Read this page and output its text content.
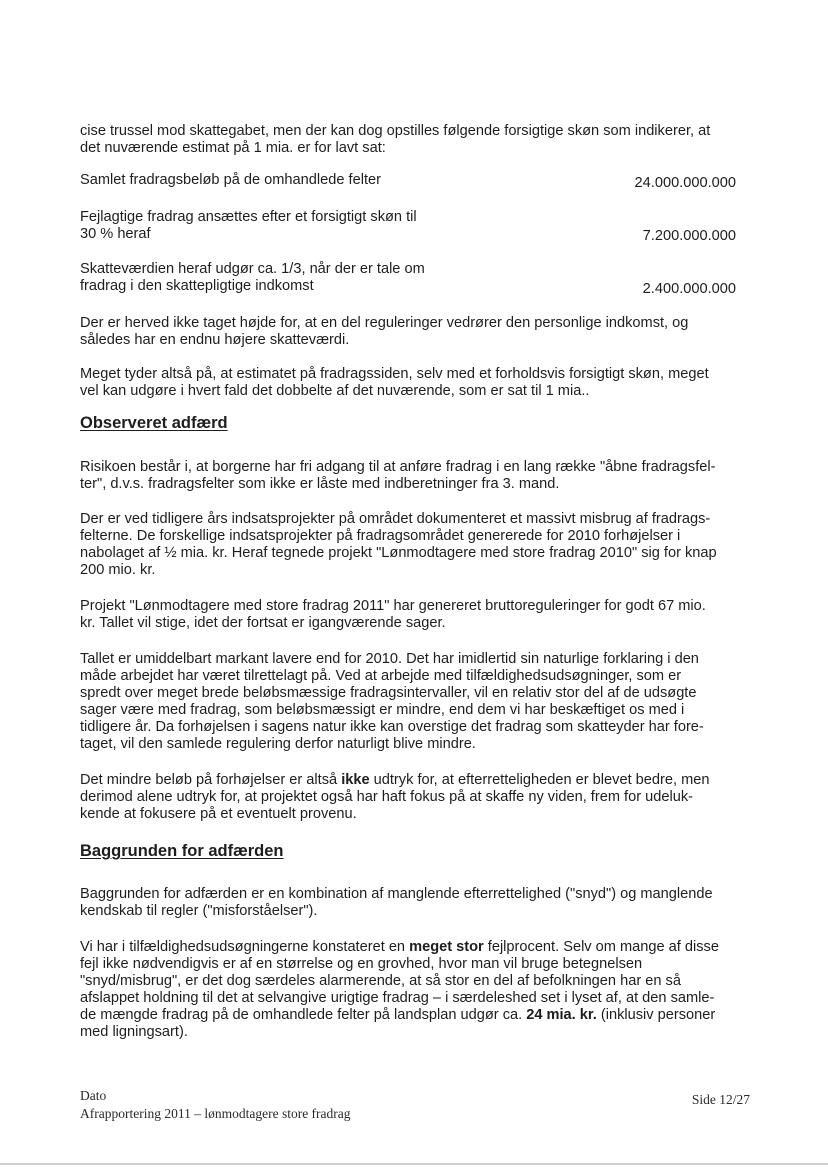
cise trussel mod skattegabet, men der kan dog opstilles følgende forsigtige skøn som indikerer, at
det nuværende estimat på 1 mia. er for lavt sat:

Samlet fradragsbeløb på de omhandlede felter	24.000.000.000
Fejlagtige fradrag ansættes efter et forsigtigt skøn til
30 % heraf	7.200.000.000
Skatteværdien heraf udgør ca. 1/3, når der er tale om
fradrag i den skattepligtige indkomst	2.400.000.000

Der er herved ikke taget højde for, at en del reguleringer vedrører den personlige indkomst, og
således har en endnu højere skatteværdi.

Meget tyder altså på, at estimatet på fradragssiden, selv med et forholdsvis forsigtigt skøn, meget
vel kan udgøre i hvert fald det dobbelte af det nuværende, som er sat til 1 mia..

Observeret adfærd

Risikoen består i, at borgerne har fri adgang til at anføre fradrag i en lang række "åbne fradragsfel-
ter", d.v.s. fradragsfelter som ikke er låste med indberetninger fra 3. mand.

Der er ved tidligere års indsatsprojekter på området dokumenteret et massivt misbrug af fradrags-
felterne. De forskellige indsatsprojekter på fradragsområdet genererede for 2010 forhøjelser i
nabolaget af ½ mia. kr. Heraf tegnede projekt "Lønmodtagere med store fradrag 2010" sig for knap
200 mio. kr.

Projekt "Lønmodtagere med store fradrag 2011" har genereret bruttoreguleringer for godt 67 mio.
kr. Tallet vil stige, idet der fortsat er igangværende sager.

Tallet er umiddelbart markant lavere end for 2010. Det har imidlertid sin naturlige forklaring i den
måde arbejdet har været tilrettelagt på. Ved at arbejde med tilfældighedsudsøgninger, som er
spredt over meget brede beløbsmæssige fradragsintervaller, vil en relativ stor del af de udsøgte
sager være med fradrag, som beløbsmæssigt er mindre, end dem vi har beskæftiget os med i
tidligere år. Da forhøjelsen i sagens natur ikke kan overstige det fradrag som skatteyder har fore-
taget, vil den samlede regulering derfor naturligt blive mindre.

Det mindre beløb på forhøjelser er altså ikke udtryk for, at efterretteligheden er blevet bedre, men
derimod alene udtryk for, at projektet også har haft fokus på at skaffe ny viden, frem for udeluk-
kende at fokusere på et eventuelt provenu.

Baggrunden for adfærden

Baggrunden for adfærden er en kombination af manglende efterrettelighed ("snyd") og manglende
kendskab til regler ("misforståelser").

Vi har i tilfældighedsudsøgningerne konstateret en meget stor fejlprocent. Selv om mange af disse
fejl ikke nødvendigvis er af en størrelse og en grovhed, hvor man vil bruge betegnelsen
"snyd/misbrug", er det dog særdeles alarmerende, at så stor en del af befolkningen har en så
afslappet holdning til det at selvangive urigtige fradrag – i særdeleshed set i lyset af, at den samle-
de mængde fradrag på de omhandlede felter på landsplan udgør ca. 24 mia. kr. (inklusiv personer
med ligningsart).

Dato
Afrapportering 2011 – lønmodtagere store fradrag
Side 12/27
